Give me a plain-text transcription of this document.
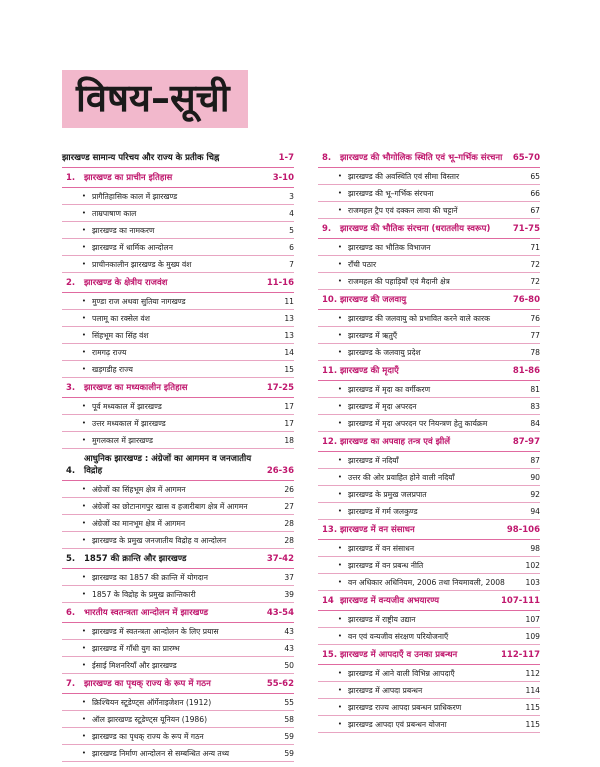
विषय–सूची
झारखण्ड सामान्य परिचय और राज्य के प्रतीक चिह्न	1-7
1.	झारखण्ड का प्राचीन इतिहास	3-10
• प्रागैतिहासिक काल में झारखण्ड	3
• ताम्रपाषाण काल	4
• झारखण्ड का नामकरण	5
• झारखण्ड में धार्मिक आन्दोलन	6
• प्राचीनकालीन झारखण्ड के मुख्य वंश	7
2.	झारखण्ड के क्षेत्रीय राजवंश	11-16
• मुण्डा राज अथवा सुतिया नागखण्ड	11
• पलामू का रक्सेल वंश	13
• सिंहभूम का सिंह वंश	13
• रामगढ़ राज्य	14
• खड़गडीह राज्य	15
3.	झारखण्ड का मध्यकालीन इतिहास	17-25
• पूर्व मध्यकाल में झारखण्ड	17
• उत्तर मध्यकाल में झारखण्ड	17
• मुगलकाल में झारखण्ड	18
4.
आधुनिक झारखण्ड : अंग्रेजों का आगमन व जनजातीय विद्रोह	26-36
• अंग्रेजों का सिंहभूम क्षेत्र में आगमन	26
• अंग्रेजों का छोटानागपुर खास व हजारीबाग क्षेत्र में आगमन	27
• अंग्रेजों का मानभूम क्षेत्र में आगमन	28
• झारखण्ड के प्रमुख जनजातीय विद्रोह व आन्दोलन	28
5.	1857 की क्रान्ति और झारखण्ड	37-42
• झारखण्ड का 1857 की क्रान्ति में योगदान	37
• 1857 के विद्रोह के प्रमुख क्रान्तिकारी	39
6.	भारतीय स्वतन्त्रता आन्दोलन में झारखण्ड	43-54
• झारखण्ड में स्वतन्त्रता आन्दोलन के लिए प्रयास	43
• झारखण्ड में गाँधी युग का प्रारम्भ	43
• ईसाई मिशनरियाँ और झारखण्ड	50
7.	झारखण्ड का पृथक् राज्य के रूप में गठन	55-62
• क्रिश्चियन स्टूडेण्ट्स ऑर्गेनाइजेशन (1912)	55
• ऑल झारखण्ड स्टूडेण्ट्स यूनियन (1986)	58
• झारखण्ड का पृथक् राज्य के रूप में गठन	59
• झारखण्ड निर्माण आन्दोलन से सम्बन्धित अन्य तथ्य	59
8.	झारखण्ड की भौगोलिक स्थिति एवं भू–गर्भिक संरचना	65-70
• झारखण्ड की अवस्थिति एवं सीमा विस्तार	65
• झारखण्ड की भू–गर्भिक संरचना	66
• राजमहल ट्रैप एवं दक्कन लावा की चट्टानें	67
9.	झारखण्ड की भौतिक संरचना (धरातलीय स्वरूप)	71-75
• झारखण्ड का भौतिक विभाजन	71
• राँची पठार	72
• राजमहल की पहाड़ियाँ एवं मैदानी क्षेत्र	72
10. झारखण्ड की जलवायु	76-80
• झारखण्ड की जलवायु को प्रभावित करने वाले कारक	76
• झारखण्ड में ऋतुएँ	77
• झारखण्ड के जलवायु प्रदेश	78
11. झारखण्ड की मृदाएँ	81-86
• झारखण्ड में मृदा का वर्गीकरण	81
• झारखण्ड में मृदा अपरदन	83
• झारखण्ड में मृदा अपरदन पर नियन्त्रण हेतु कार्यक्रम	84
12. झारखण्ड का अपवाह तन्त्र एवं झीलें	87-97
• झारखण्ड में नदियाँ	87
• उत्तर की ओर प्रवाहित होने वाली नदियाँ	90
• झारखण्ड के प्रमुख जलप्रपात	92
• झारखण्ड में गर्म जलकुण्ड	94
13. झारखण्ड में वन संसाधन	98-106
• झारखण्ड में वन संसाधन	98
• झारखण्ड में वन प्रबन्ध नीति	102
• वन अधिकार अधिनियम, 2006 तथा नियमावली, 2008	103
14 झारखण्ड में वन्यजीव अभयारण्य	107-111
• झारखण्ड में राष्ट्रीय उद्यान	107
• वन एवं वन्यजीव संरक्षण परियोजनाएँ	109
15. झारखण्ड में आपदाएँ व उनका प्रबन्धन	112-117
• झारखण्ड में आने वाली विभिन्न आपदाएँ	112
• झारखण्ड में आपदा प्रबन्धन	114
• झारखण्ड राज्य आपदा प्रबन्धन प्राधिकरण	115
• झारखण्ड आपदा एवं प्रबन्धन योजना	115
